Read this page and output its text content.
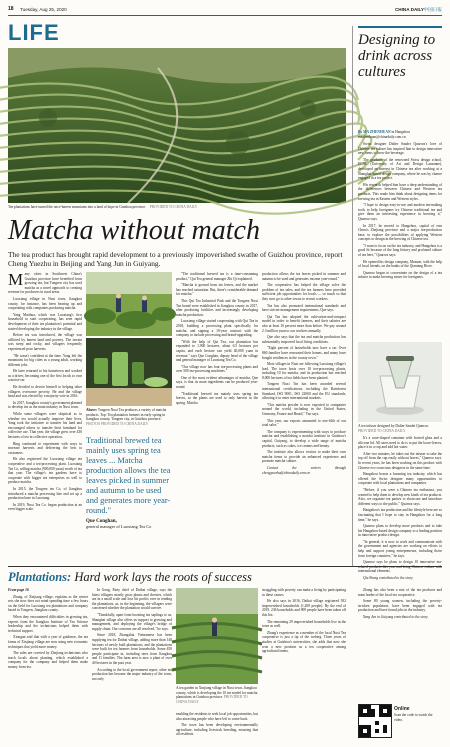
18 Tuesday, Aug 25, 2020	CHINA DAILY 中国日报
LIFE
Tea plantations have turned the once-barren mountains into a land of hope in Guizhou province. PROVIDED TO CHINA DAILY
Matcha without match
The tea product has brought rapid development to a previously impoverished swathe of Guizhou province, report Cheng Yuezhu in Beijing and Yang Jun in Guiyang.
M any cities in Southwest China's Guizhou province have benefited from growing tea, but Tongren city has used matcha as a novel approach to creating revenue for producers in rural areas.

Luoxiang village in Nuxi town, Jiangkou county, for instance, has been bearing up and cooperating with companies producing matcha.

Yang Maohua, which was Luoxiang's first household to start cooperating, has seen rapid development of their tea plantation's potential and started developing the industry in the village.

Before tea was introduced, the village was afflicted by barren land and poverty. The terrain was steep and rocky, and villagers frequently experienced poor harvests.

"He wasn't confident at the time. Yang left the mountains for big cities as a young adult, working different jobs.

He later returned to his hometown and worked as a driver, becoming one of the first locals to own a motor-car.

He decided to devote himself to helping other villagers overcome poverty. He and the village head and was elected by a majority vote in 2016.

In 2017, Jiangkou county's government planned to develop tea as the main industry in Nuxi town.

While some villagers were skeptical as to whether tea would actually improve their lives, Yang took the initiative to transfer his land and encouraged others to transfer their farmland for collective use. That year, the village grew over 430 hectares of tea in collective operation.

Bing continued to experiment with ways to increase harvests and delivering the best to customers.

He also registered the Luoxiang village tea cooperative and a tea-processing plant. Luoxiang Tea Co, selling matcha (900,000 yuan) worth of tea that year. The village's tea gardens have to cooperate with bigger tea enterprises as well to produce matcha.

In 2015, the Tongren tea Co. of Jiangkou introduced a matcha processing line and set up a production base in Luoxiang.

In 2019, Nuxi Tea Co. began production at an even bigger scale.

Above: Tongren Nuxi Tea produces a variety of matcha products. Top: Tea plantation farmers in early spring in Jiangkou county, Tongren city, in Guizhou province. PHOTOS PROVIDED TO CHINA DAILY
Traditional brewed tea mainly uses spring tea leaves ... Matcha production allows the tea leaves picked in summer and autumn to be used and generates more year-round."
Que Conghan,
general manager of Luoxiang Tea Co

"The traditional brewed tea is a time-consuming product," Qui Tea general manager Zhi Qi explained.

"Matcha is ground from tea leaves, and the market has reached saturation. But, there's considerable demand for matcha."

This Qui Tea Industrial Park and the Tongren Nuxi Tea brand were established in Jiangkou county in 2017, after producing facilities and increasingly developing matcha production.

Luoxiang village started cooperating with Qui Tea in 2018, building a processing plant specifically for matcha, and signing a 10-year contract with the company to include processing and brand-upgrading.

"With the help of Qui Tea, our plantation has expanded to 1,900 hectares, about 6.5 hectares per capita, and each hectare can yield 40,000 yuan in revenue," says Que Conghan, deputy head of the village and general manager of Luoxiang Tea Co.

"Our village now has four tea-processing plants and over 500 tea-processing machines."

One of the most evident advantages of matcha, Que says, is that its main ingredients can be produced year-round.

"Traditional brewed tea mainly uses spring tea leaves, so the plants are used to only harvest in the spring. Matcha

production allows the tea leaves picked in summer and autumn to be used and generates income year-round."

The cooperative has helped the village solve the problem of tea sales, and the tea farmers have provided sufficient job opportunities for locals — so much so that they now go to other towns to recruit workers.

Tea has also promoted international standards and have stricter management requirements, Que says.

Qui Tea has adopted the cultivation-and-compact model in order to benefit farmers, and their salaries are also at least 10 percent more than before. We pay around 2.3 million yuan to our workers annually.

Que also says that the tea and matcha production has substantially improved local living conditions.

"Eight percent of households now have a car. Over 860 families have renovated their homes, and many have bought residences in the county town."

Most villages in Nuxi are following Luoxiang village's lead. The town hosts over 10 tea-processing plants, including 10 for matcha, and its production has reached 8,000 hectares of tea fields have been planted.

Tongren Nuxi Tea has been awarded several international certifications, including the Rainforest Standard, ISO 9001, ISO 22000 and the EU standards, allowing it to enter international markets.

"Our matcha powder is now exported to companies around the world, including in the United States, Germany, France and Brazil," Yao says.

This year, our exports amounted to one-fifth of our total sales."

The company is experimenting with ways to produce matcha and establishing a matcha institute in Guizhou's capital, Guiyang, to develop a wide range of matcha products, such as cakes, ice creams and beauty.

The institute also allows visitors to make their own matcha items to provide an enhanced experience and promote matcha culture.

Contact the writers through chengyuezhu@chinadaily.com.cn

Designing to drink across cultures
By MA ZHENHUAN in Hangzhou
mazhenhuan@chinadaily.com.cn

Swiss designer Didier Saudet Quarroz's love of Chinese tea culture has inspired him to design innovative new items to brew the beverage.

The graduate of the renowned Swiss design school, ECAL (University of Art and Design Lausanne), developed an interest in Chinese tea after working at a Shanghai-based design company, where he was by chance engaged in a tea project.

His research helped him have a deep understanding of the differences between Chinese and Western tea products. This made him think about designing items for brewing tea in Eastern and Western styles.

"I hope to design easy-to-use and modern tea-making tools to help foreigners try Chinese traditional tea and give them an interesting experience in brewing it," Quarroz says.

In 2017, he moved to Hangzhou, capital of east China's Zhejiang province and a major tea-production base, to explore the possibilities of applying Western concepts to design in the brewing of Chinese tea.

"I want to focus on the tea industry, and Hangzhou is a good fit because of the long history and profound culture of tea here," Quarroz says.

He opened his design company, Mumon, with the help of local friends, on the banks of the Qiantang River.

Quarroz began to concentrate on the design of a tea infuser to make brewing easier for foreigners.

A tea infuser designed by Didier Saudet Quarroz. PROVIDED TO CHINA DAILY

It's a cone-shaped container with frosted glass and a silicone lid. All users need to do is to put the loose-leaves, place it in a cup and add hot water.

After two minutes, he takes out the infuser to take the top off from the cup easily without leaves," Quarroz says. In recent years, he has been working on this product with Chinese eco-conscious designers in the same time.

Hangzhou boasts a booming tea industry, which has offered the Swiss designer many opportunities to cooperate with local plantations and companies.

"Before, if you were a Chinese tea enthusiast, you wanted to help them to develop new kinds of tea products. Also, we organize tea parties to showcase and introduce different ways to the public," Quarroz says.

Hangzhou's tea production and the lifestyle here are so fascinating that I hope to stay in Hangzhou for a long time," he says.

Quarroz plans to develop more products and to take his Hangzhou-based design company to a leading position in innovative product design.

"In general, it is now to work and communicate with the government and agencies are working on efforts to help and support young entrepreneurs, including those from foreign countries," he says.

Quarroz says he plans to design 10 innovative tea-related products this year and bring Chinese culture with international elements.

Qiu Sheng contributed to the story.

Plantations: Hard work lays the roots of success

From page 16

Zhang, of Xinjiang village, explains as the winter sets she now does not mind spending time a few hours on the field for Luoxiang tea plantations and company based in Tongren, Jiangkou county.

When they encountered difficulties in growing tea, experts from the Jiangkou Institute of Tea Science leadership and the technicians helped them with technical support.

Xiongan said that with a year of guidance, the tea farms of Xinjiang village are now using new economic techniques that yield more money.

The rules are covered by Zhejiang technicians who teach locals about planting, which established a company for the company and helped them make money from tea.

In Gong, Party chief of Daibai village, says the latest villagers mostly grow plums and cherries, which are in a small scale and lose litt profits over in tending the plantations, as, in the beginning, the villagers were concerned whether the plantation would survive.

"Thankfully, apart from boosting tea saplings to us, Shanghai village also offers us support to growing and management, and deploying the village's bridge of supply chain. Our concerns are all resolved," he says.

Since 2018, Zhangzhai Vietnamese has been supplying tea for Daibai village, adding more than 140 hectares of newly built plantations, and the plantations were built for tea farmers from households. Some 450 people participate in, including ones from Jiangkou and 11 families. The farm area is now a plant of over 40 hectares in the past year.

According to the local government report, other tea production has become the major industry of the town, not only

A tea garden in Xinjiang village in Nuxi town, Jiangkou county, which is developing the 10 tea model for matcha plantations in Guizhou province. PROVIDED TO CHINA DAILY

enabling the residents to seek local job opportunities, but also attracting people who have left to come back.

The town has been developing environmentally agriculture, including livestock breeding, ensuring that all residents

struggling with poverty can make a living by participating in these causes.

He also says in 2016, Daibai village registered 392 impoverished households (1,208 people). By the end of 2019, 236 households and 909 people have been taken off this list.

The remaining 29 impoverished households live in the town as well.

Zhang's experience as a member of the local Nuxi Tea cooperative is just a tip of the iceberg. Three years of studies at Guizhou's universities, she adds that now she won a new position as a tea cooperative among agricultural teams.

Zhang has also been a mix of the tea producer and team leader of the local tea cooperative.

Some 80 young women, including the poverty-stricken population, have been engaged with tea production and have found jobs in the industry.

Yang Jun in Guiyang contributed to the story.

Online
Scan the code to watch the video.
